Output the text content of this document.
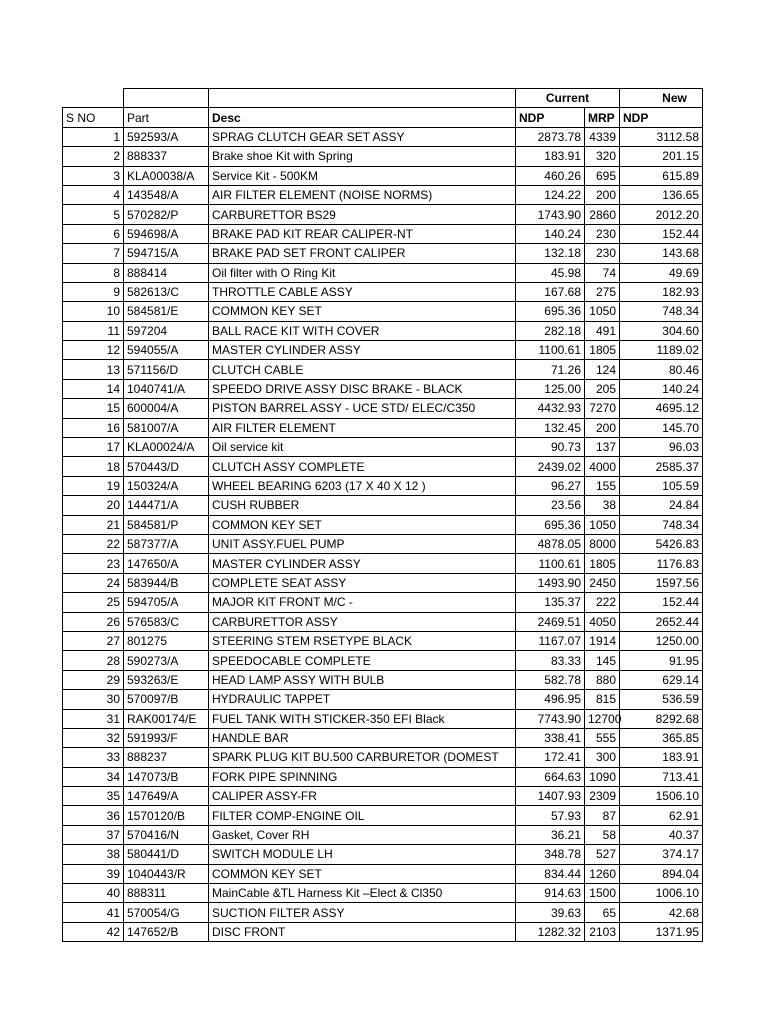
			Current		New
S NO	Part	Desc	NDP	MRP	NDP
1	592593/A	SPRAG CLUTCH GEAR SET ASSY	2873.78	4339	3112.58
2	888337	Brake shoe Kit with Spring	183.91	320	201.15
3	KLA00038/A	Service Kit - 500KM	460.26	695	615.89
4	143548/A	AIR FILTER ELEMENT (NOISE NORMS)	124.22	200	136.65
5	570282/P	CARBURETTOR BS29	1743.90	2860	2012.20
6	594698/A	BRAKE PAD KIT REAR CALIPER-NT	140.24	230	152.44
7	594715/A	BRAKE PAD SET FRONT CALIPER	132.18	230	143.68
8	888414	Oil filter with O Ring Kit	45.98	74	49.69
9	582613/C	THROTTLE CABLE ASSY	167.68	275	182.93
10	584581/E	COMMON KEY SET	695.36	1050	748.34
11	597204	BALL RACE KIT WITH COVER	282.18	491	304.60
12	594055/A	MASTER CYLINDER ASSY	1100.61	1805	1189.02
13	571156/D	CLUTCH CABLE	71.26	124	80.46
14	1040741/A	SPEEDO DRIVE ASSY DISC BRAKE - BLACK	125.00	205	140.24
15	600004/A	PISTON BARREL ASSY - UCE STD/ ELEC/C350	4432.93	7270	4695.12
16	581007/A	AIR FILTER ELEMENT	132.45	200	145.70
17	KLA00024/A	Oil service kit	90.73	137	96.03
18	570443/D	CLUTCH ASSY COMPLETE	2439.02	4000	2585.37
19	150324/A	WHEEL BEARING 6203 (17 X 40 X 12 )	96.27	155	105.59
20	144471/A	CUSH RUBBER	23.56	38	24.84
21	584581/P	COMMON KEY SET	695.36	1050	748.34
22	587377/A	UNIT ASSY.FUEL PUMP	4878.05	8000	5426.83
23	147650/A	MASTER CYLINDER ASSY	1100.61	1805	1176.83
24	583944/B	COMPLETE SEAT ASSY	1493.90	2450	1597.56
25	594705/A	MAJOR KIT FRONT M/C -	135.37	222	152.44
26	576583/C	CARBURETTOR ASSY	2469.51	4050	2652.44
27	801275	STEERING STEM RSETYPE BLACK	1167.07	1914	1250.00
28	590273/A	SPEEDOCABLE COMPLETE	83.33	145	91.95
29	593263/E	HEAD LAMP ASSY WITH BULB	582.78	880	629.14
30	570097/B	HYDRAULIC TAPPET	496.95	815	536.59
31	RAK00174/E	FUEL TANK WITH STICKER-350 EFI Black	7743.90	12700	8292.68
32	591993/F	HANDLE BAR	338.41	555	365.85
33	888237	SPARK PLUG KIT BU.500 CARBURETOR (DOMEST	172.41	300	183.91
34	147073/B	FORK PIPE SPINNING	664.63	1090	713.41
35	147649/A	CALIPER ASSY-FR	1407.93	2309	1506.10
36	1570120/B	FILTER COMP-ENGINE OIL	57.93	87	62.91
37	570416/N	Gasket, Cover RH	36.21	58	40.37
38	580441/D	SWITCH MODULE LH	348.78	527	374.17
39	1040443/R	COMMON KEY SET	834.44	1260	894.04
40	888311	MainCable &TL Harness Kit –Elect & Cl350	914.63	1500	1006.10
41	570054/G	SUCTION FILTER ASSY	39.63	65	42.68
42	147652/B	DISC FRONT	1282.32	2103	1371.95
